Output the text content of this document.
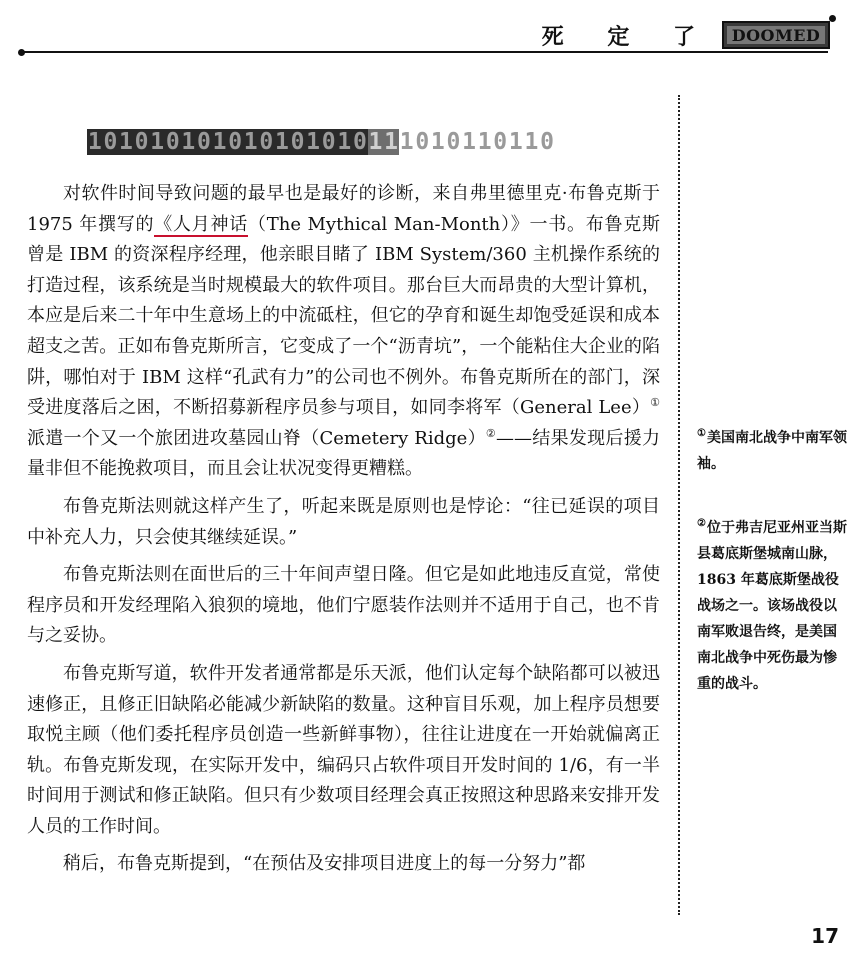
死 定 了 DOOMED
1 0 1 0 1 0 1 0 1 0 1 0 1 0 1 0 1 0 1 1 1 0 1 0 1 1 0 1 1 0

对软件时间导致问题的最早也是最好的诊断，来自弗里德里克·布鲁克斯于 1975 年撰写的《人月神话（The Mythical Man-Month）》一书。布鲁克斯曾是 IBM 的资深程序经理，他亲眼目睹了 IBM System/360 主机操作系统的打造过程，该系统是当时规模最大的软件项目。那台巨大而昂贵的大型计算机，本应是后来二十年中生意场上的中流砥柱，但它的孕育和诞生却饱受延误和成本超支之苦。正如布鲁克斯所言，它变成了一个“沥青坑”，一个能粘住大企业的陷阱，哪怕对于 IBM 这样“孔武有力”的公司也不例外。布鲁克斯所在的部门，深受进度落后之困，不断招募新程序员参与项目，如同李将军（General Lee）①派遣一个又一个旅团进攻墓园山脊（Cemetery Ridge）②——结果发现后援力量非但不能挽救项目，而且会让状况变得更糟糕。

布鲁克斯法则就这样产生了，听起来既是原则也是悖论：“往已延误的项目中补充人力，只会使其继续延误。”

布鲁克斯法则在面世后的三十年间声望日隆。但它是如此地违反直觉，常使程序员和开发经理陷入狼狈的境地，他们宁愿装作法则并不适用于自己，也不肯与之妥协。

布鲁克斯写道，软件开发者通常都是乐天派，他们认定每个缺陷都可以被迅速修正，且修正旧缺陷必能减少新缺陷的数量。这种盲目乐观，加上程序员想要取悦主顾（他们委托程序员创造一些新鲜事物），往往让进度在一开始就偏离正轨。布鲁克斯发现，在实际开发中，编码只占软件项目开发时间的 1/6，有一半时间用于测试和修正缺陷。但只有少数项目经理会真正按照这种思路来安排开发人员的工作时间。

稍后，布鲁克斯提到，“在预估及安排项目进度上的每一分努力”都

①美国南北战争中南军领袖。
②位于弗吉尼亚州亚当斯县葛底斯堡城南山脉，1863 年葛底斯堡战役战场之一。该场战役以南军败退告终，是美国南北战争中死伤最为惨重的战斗。
17
